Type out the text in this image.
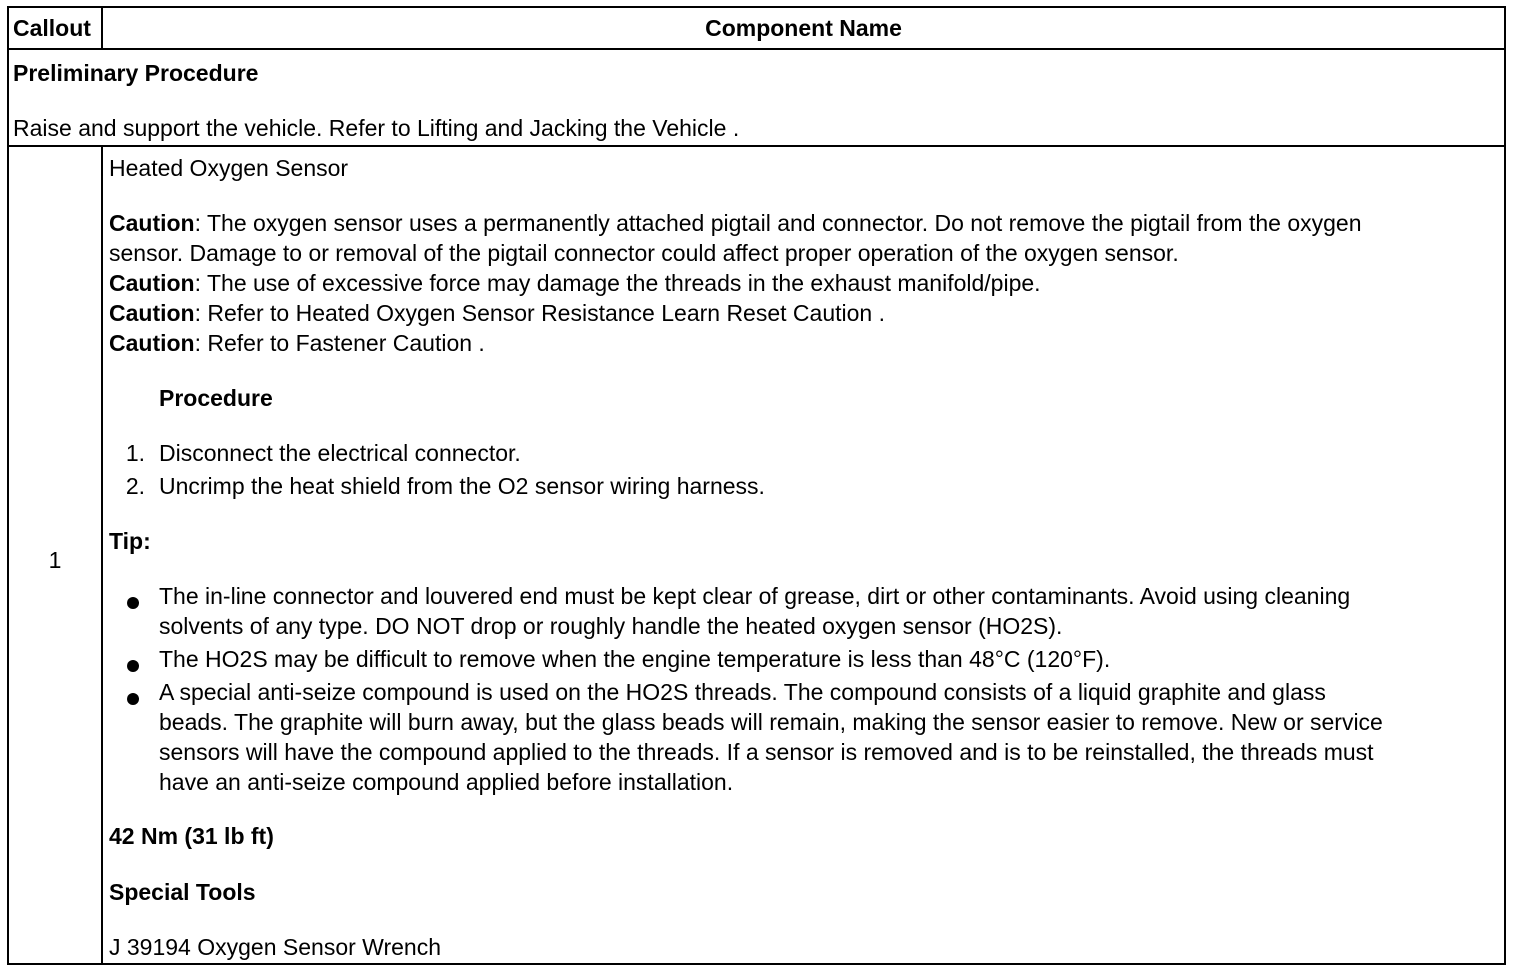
Callout	Component Name
Preliminary Procedure
Raise and support the vehicle. Refer to Lifting and Jacking the Vehicle .
1
Heated Oxygen Sensor
Caution: The oxygen sensor uses a permanently attached pigtail and connector. Do not remove the pigtail from the oxygen
sensor. Damage to or removal of the pigtail connector could affect proper operation of the oxygen sensor.
Caution: The use of excessive force may damage the threads in the exhaust manifold/pipe.
Caution: Refer to Heated Oxygen Sensor Resistance Learn Reset Caution .
Caution: Refer to Fastener Caution .
Procedure
1. Disconnect the electrical connector.
2. Uncrimp the heat shield from the O2 sensor wiring harness.
Tip:
The in-line connector and louvered end must be kept clear of grease, dirt or other contaminants. Avoid using cleaning
solvents of any type. DO NOT drop or roughly handle the heated oxygen sensor (HO2S).
The HO2S may be difficult to remove when the engine temperature is less than 48°C (120°F).
A special anti-seize compound is used on the HO2S threads. The compound consists of a liquid graphite and glass
beads. The graphite will burn away, but the glass beads will remain, making the sensor easier to remove. New or service
sensors will have the compound applied to the threads. If a sensor is removed and is to be reinstalled, the threads must
have an anti-seize compound applied before installation.
42 Nm (31 lb ft)
Special Tools
J 39194 Oxygen Sensor Wrench
